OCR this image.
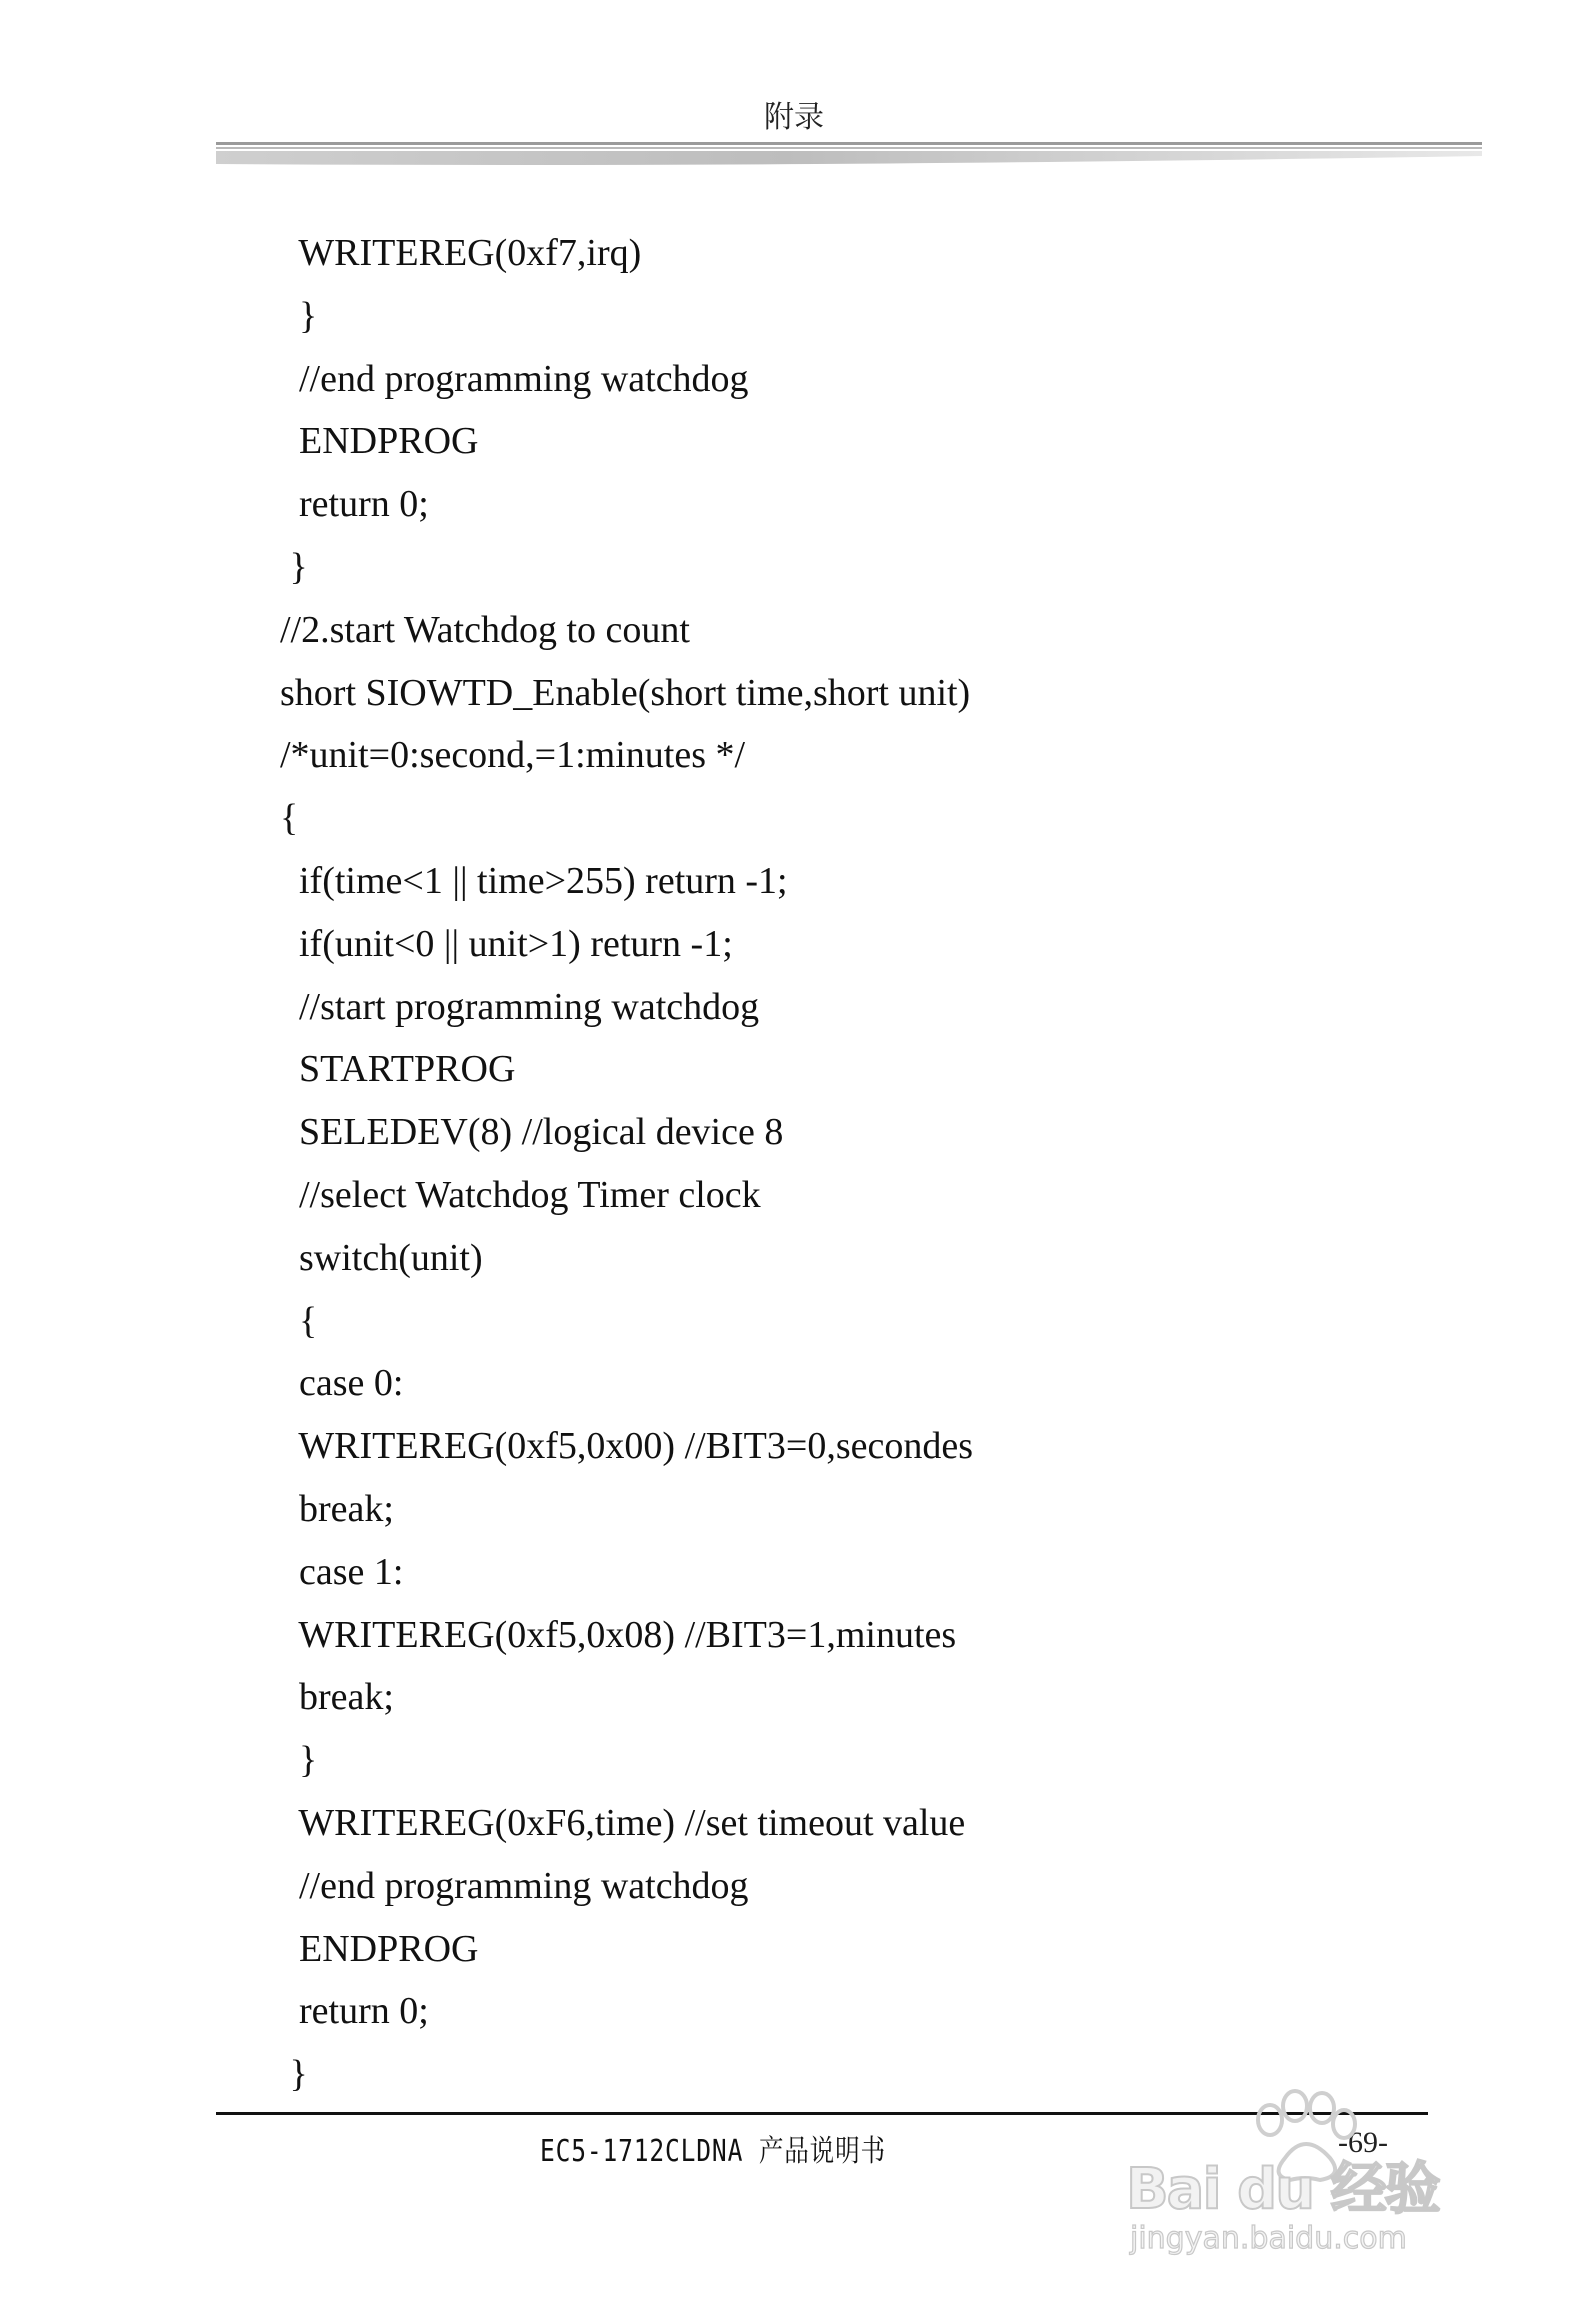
附录
WRITEREG(0xf7,irq)
}
//end programming watchdog
ENDPROG
return 0;
}
//2.start Watchdog to count
short SIOWTD_Enable(short time,short unit)
/*unit=0:second,=1:minutes */
{
if(time<1 || time>255) return -1;
if(unit<0 || unit>1) return -1;
//start programming watchdog
STARTPROG
SELEDEV(8) //logical device 8
//select Watchdog Timer clock
switch(unit)
{
case 0:
WRITEREG(0xf5,0x00) //BIT3=0,secondes
break;
case 1:
WRITEREG(0xf5,0x08) //BIT3=1,minutes
break;
}
WRITEREG(0xF6,time) //set timeout value
//end programming watchdog
ENDPROG
return 0;
}
EC5-1712CLDNA 产品说明书	-69-
Bai du 经验
jingyan.baidu.com
